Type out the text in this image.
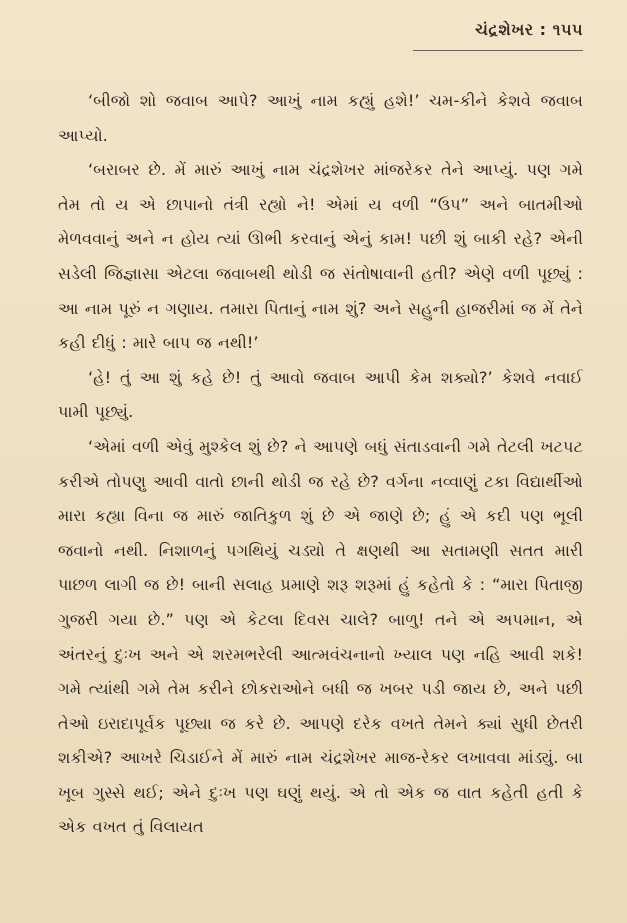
ચંદ્રશેખર : ૧૫૫

‘બીજો શો જવાબ આપે? આખું નામ કહ્યું હશે!’ ચમ-કીને કેશવે જવાબ આપ્યો.

‘બરાબર છે. મેં મારું આખું નામ ચંદ્રશેખર માંજરેકર તેને આપ્યું. પણ ગમે તેમ તો ય એ છાપાનો તંત્રી રહ્યો ને! એમાં ય વળી “ઉપ” અને બાતમીઓ મેળવવાનું અને ન હોય ત્યાં ઊભી કરવાનું એનું કામ! પછી શું બાકી રહે? એની સડેલી જિજ્ઞાસા એટલા જવાબથી થોડી જ સંતોષાવાની હતી? એણે વળી પૂછ્યું : આ નામ પૂરું ન ગણાય. તમારા પિતાનું નામ શું? અને સહુની હાજરીમાં જ મેં તેને કહી દીધું : મારે બાપ જ નથી!’

‘હે! તું આ શું કહે છે! તું આવો જવાબ આપી કેમ શક્યો?’ કેશવે નવાઈ પામી પૂછ્યું.

‘એમાં વળી એવું મુશ્કેલ શું છે? ને આપણે બધું સંતાડવાની ગમે તેટલી ખટપટ કરીએ તોપણુ આવી વાતો છાની થોડી જ રહે છે? વર્ગના નવ્વાણું ટકા વિદ્યાર્થીઓ મારા કહ્યા વિના જ મારું જાતિકુળ શું છે એ જાણે છે; હું એ કદી પણ ભૂલી જવાનો નથી. નિશાળનું પગથિયું ચડ્યો તે ક્ષણથી આ સતામણી સતત મારી પાછળ લાગી જ છે! બાની સલાહ પ્રમાણે શરૂ શરૂમાં હું કહેતો કે : “મારા પિતાજી ગુજરી ગયા છે.” પણ એ કેટલા દિવસ ચાલે? બાળુ! તને એ અપમાન, એ અંતરનું દુઃખ અને એ શરમભરેલી આત્મવંચનાનો ખ્યાલ પણ નહિ આવી શકે! ગમે ત્યાંથી ગમે તેમ કરીને છોકરાઓને બધી જ ખબર પડી જાય છે, અને પછી તેઓ ઇરાદાપૂર્વક પૂછ્યા જ કરે છે. આપણે દરેક વખતે તેમને ક્યાં સુધી છેતરી શકીએ? આખરે ચિડાઈને મેં મારું નામ ચંદ્રશેખર માજ-રેકર લખાવવા માંડ્યું. બા ખૂબ ગુસ્સે થઈ; એને દુઃખ પણ ઘણું થયું. એ તો એક જ વાત કહેતી હતી કે એક વખત તું વિલાયત
